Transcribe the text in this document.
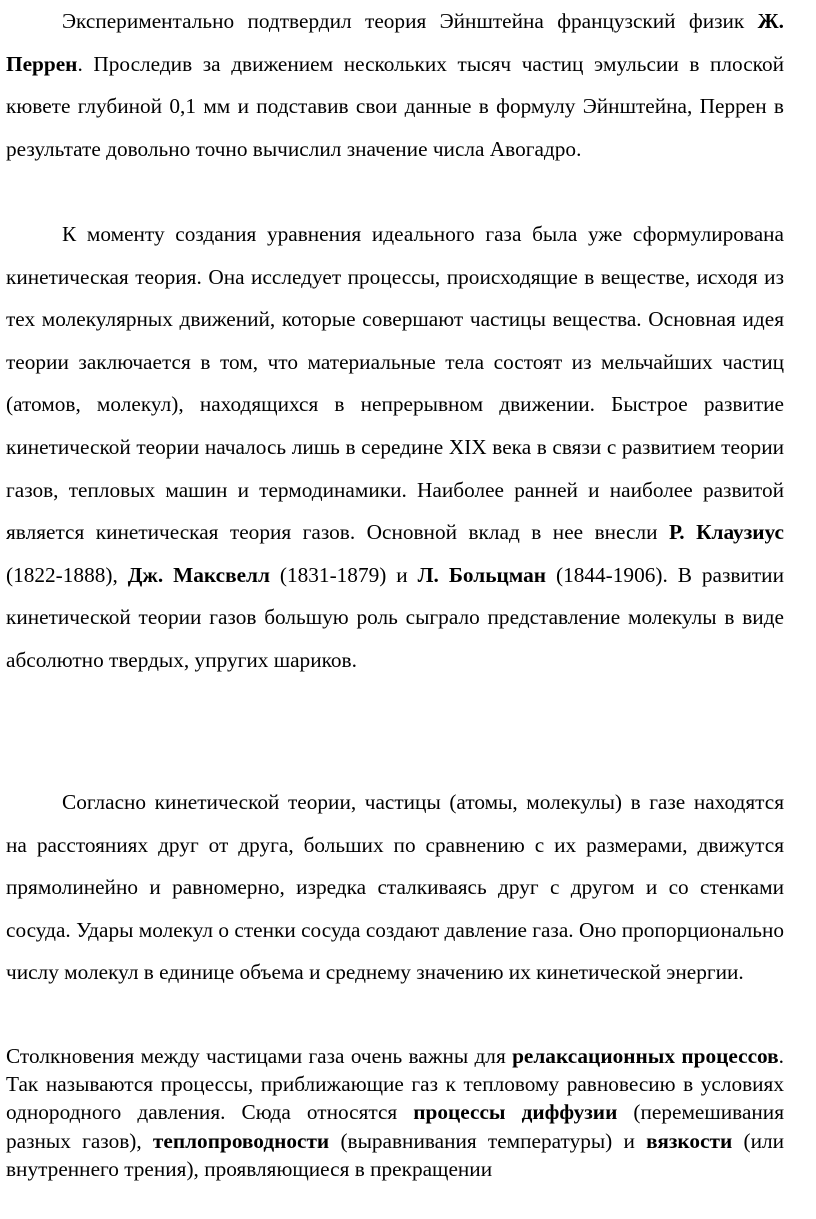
Экспериментально подтвердил теория Эйнштейна французский физик Ж. Перрен. Проследив за движением нескольких тысяч частиц эмульсии в плоской кювете глубиной 0,1 мм и подставив свои данные в формулу Эйнштейна, Перрен в результате довольно точно вычислил значение числа Авогадро.

К моменту создания уравнения идеального газа была уже сформулирована кинетическая теория. Она исследует процессы, происходящие в веществе, исходя из тех молекулярных движений, которые совершают частицы вещества. Основная идея теории заключается в том, что материальные тела состоят из мельчайших частиц (атомов, молекул), находящихся в непрерывном движении. Быстрое развитие кинетической теории началось лишь в середине XIX века в связи с развитием теории газов, тепловых машин и термодинамики. Наиболее ранней и наиболее развитой является кинетическая теория газов. Основной вклад в нее внесли Р. Клаузиус (1822-1888), Дж. Максвелл (1831-1879) и Л. Больцман (1844-1906). В развитии кинетической теории газов большую роль сыграло представление молекулы в виде абсолютно твердых, упругих шариков.

Согласно кинетической теории, частицы (атомы, молекулы) в газе находятся на расстояниях друг от друга, больших по сравнению с их размерами, движутся прямолинейно и равномерно, изредка сталкиваясь друг с другом и со стенками сосуда. Удары молекул о стенки сосуда создают давление газа. Оно пропорционально числу молекул в единице объема и среднему значению их кинетической энергии.

Столкновения между частицами газа очень важны для релаксационных процессов. Так называются процессы, приближающие газ к тепловому равновесию в условиях однородного давления. Сюда относятся процессы диффузии (перемешивания разных газов), теплопроводности (выравнивания температуры) и вязкости (или внутреннего трения), проявляющиеся в прекращении
